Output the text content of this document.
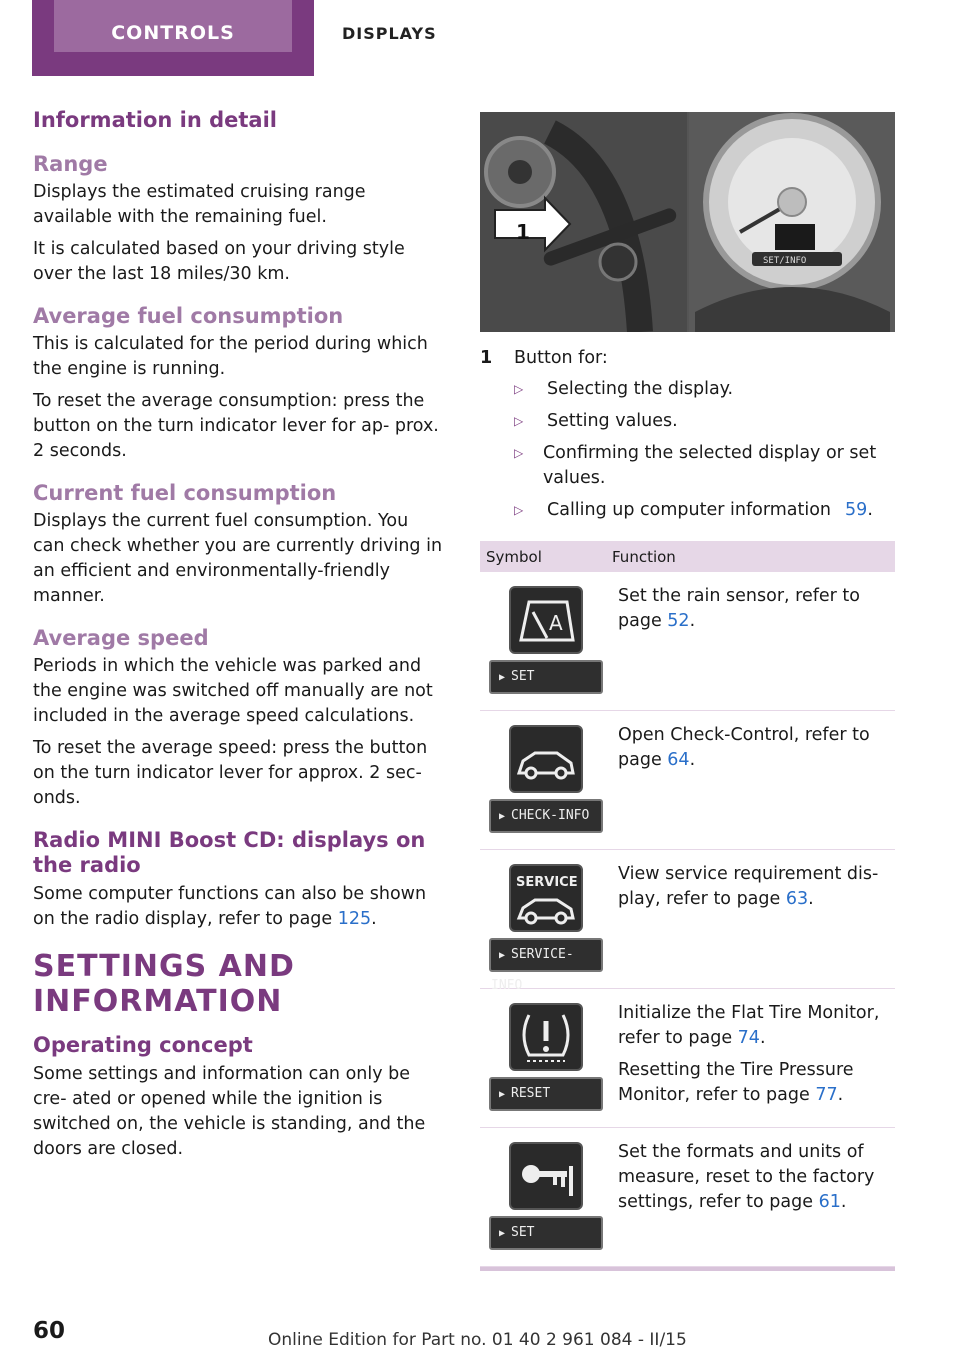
CONTROLS	DISPLAYS
Information in detail
Range

Displays the estimated cruising range available with the remaining fuel.

It is calculated based on your driving style over the last 18 miles/30 km.

Average fuel consumption

This is calculated for the period during which the engine is running.

To reset the average consumption: press the button on the turn indicator lever for ap‐ prox. 2 seconds.

Current fuel consumption

Displays the current fuel consumption. You can check whether you are currently driving in an efficient and environmentally-friendly manner.

Average speed

Periods in which the vehicle was parked and the engine was switched off manually are not included in the average speed calculations.

To reset the average speed: press the button on the turn indicator lever for approx. 2 sec‐ onds.

Radio MINI Boost CD: displays on the radio

Some computer functions can also be shown on the radio display, refer to page 125.

SETTINGS AND INFORMATION
Operating concept

Some settings and information can only be cre‐ ated or opened while the ignition is switched on, the vehicle is standing, and the doors are closed.

1
SET/INFO
1	Button for:
▷	Selecting the display.
▷	Setting values.
▷	Confirming the selected display or set values.
▷	Calling up computer information 59.
Symbol	Function

A
▶ SET	Set the rain sensor, refer to page 52.

▶ CHECK-INFO	Open Check-Control, refer to page 64.

SERVICE
▶ SERVICE-INFO	View service requirement dis‐ play, refer to page 63.

▶ RESET	Initialize the Flat Tire Monitor, refer to page 74.

Resetting the Tire Pressure Monitor, refer to page 77.

▶ SET	Set the formats and units of measure, reset to the factory settings, refer to page 61.

60	Online Edition for Part no. 01 40 2 961 084 - II/15
